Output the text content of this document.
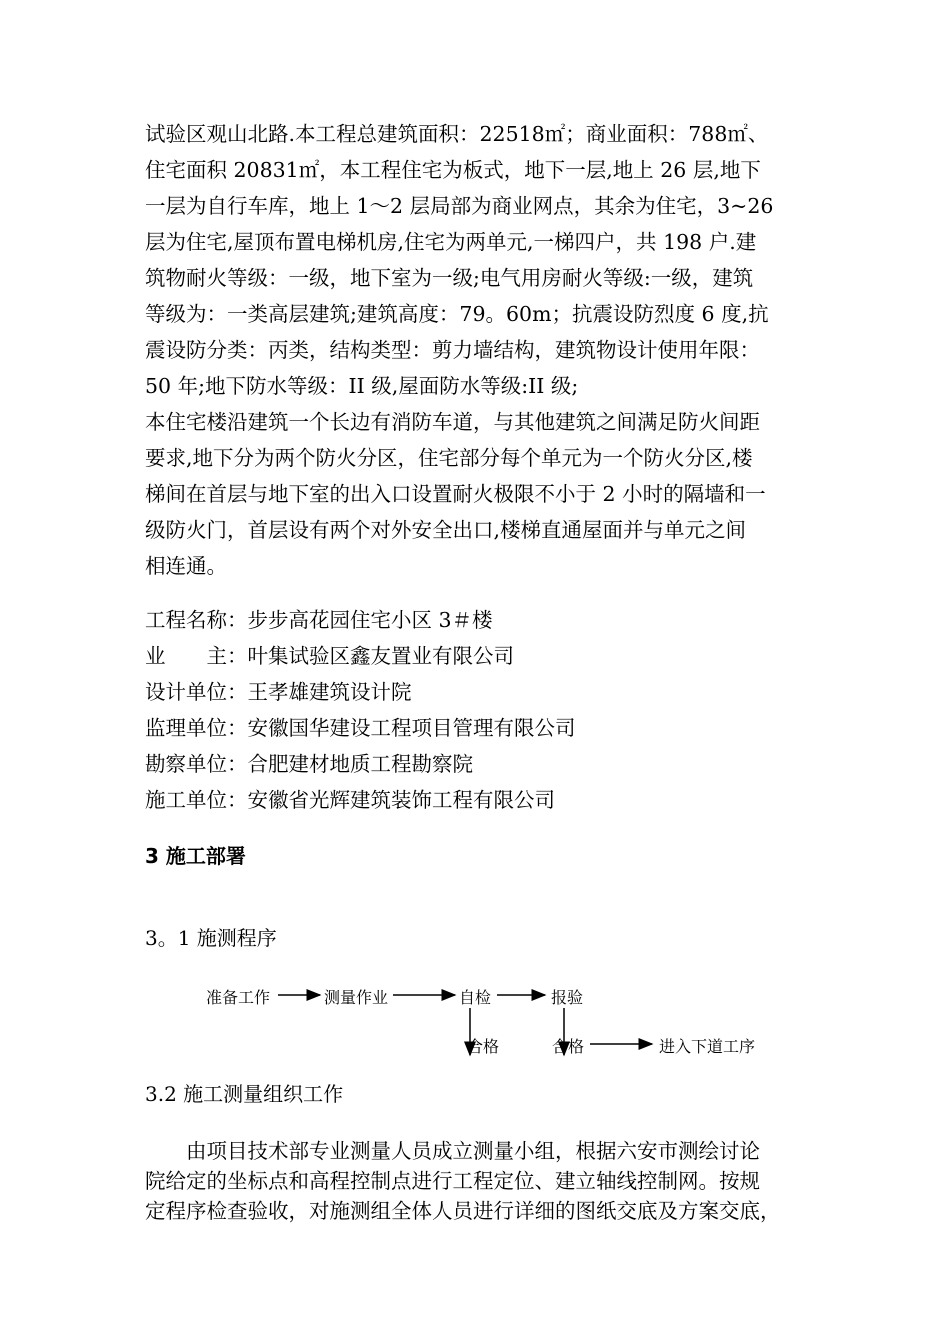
试验区观山北路.本工程总建筑面积：22518㎡；商业面积：788㎡、
住宅面积 20831㎡，本工程住宅为板式，地下一层,地上 26 层,地下
一层为自行车库，地上 1～2 层局部为商业网点，其余为住宅，3~26
层为住宅,屋顶布置电梯机房,住宅为两单元,一梯四户，共 198 户.建
筑物耐火等级：一级，地下室为一级;电气用房耐火等级:一级，建筑
等级为：一类高层建筑;建筑高度：79。60m；抗震设防烈度 6 度,抗
震设防分类：丙类，结构类型：剪力墙结构，建筑物设计使用年限：
50 年;地下防水等级：II 级,屋面防水等级:II 级;
本住宅楼沿建筑一个长边有消防车道，与其他建筑之间满足防火间距
要求,地下分为两个防火分区，住宅部分每个单元为一个防火分区,楼
梯间在首层与地下室的出入口设置耐火极限不小于 2 小时的隔墙和一
级防火门，首层设有两个对外安全出口,楼梯直通屋面并与单元之间
相连通。
工程名称：步步高花园住宅小区 3＃楼
业　　主：叶集试验区鑫友置业有限公司
设计单位：王孝雄建筑设计院
监理单位：安徽国华建设工程项目管理有限公司
勘察单位：合肥建材地质工程勘察院
施工单位：安徽省光辉建筑装饰工程有限公司
3 施工部署
3。1 施测程序
准备工作	测量作业	自检	报验
合格	合格	进入下道工序
3.2 施工测量组织工作
　　由项目技术部专业测量人员成立测量小组，根据六安市测绘讨论
院给定的坐标点和高程控制点进行工程定位、建立轴线控制网。按规
定程序检查验收，对施测组全体人员进行详细的图纸交底及方案交底，
